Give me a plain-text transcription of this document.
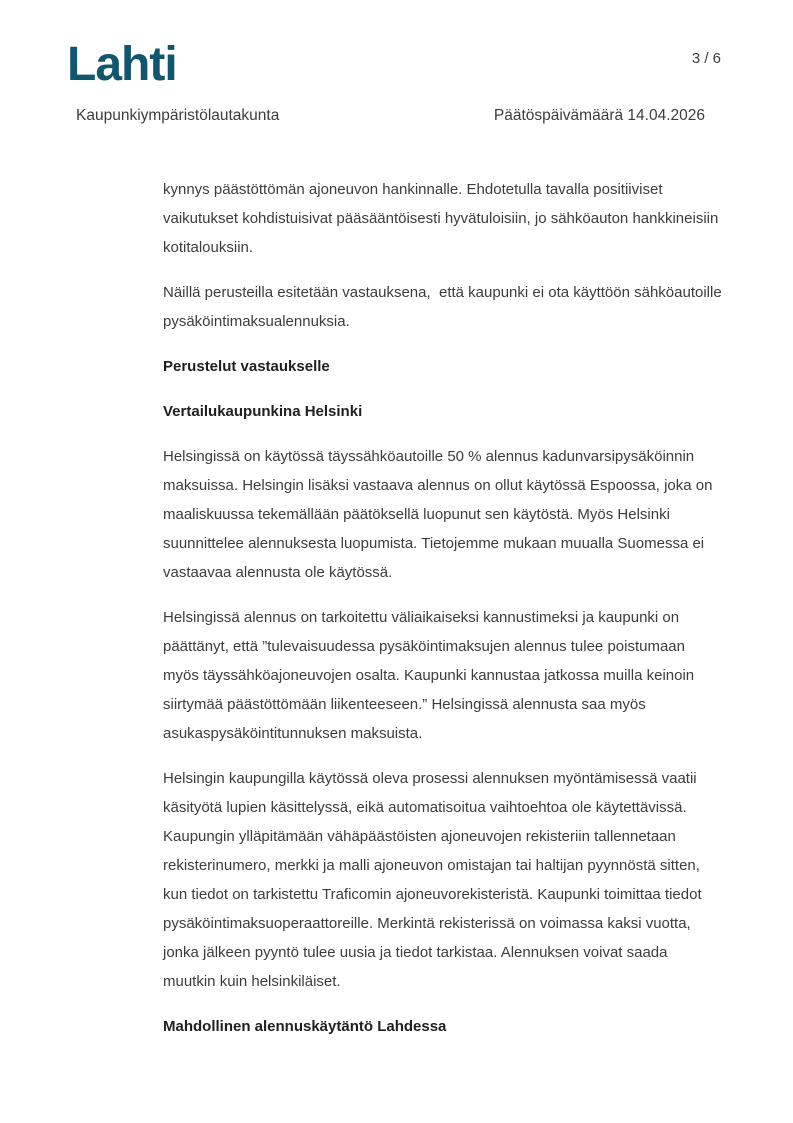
Lahti	3 / 6
Kaupunkiympäristölautakunta	Päätöspäivämäärä 14.04.2026
kynnys päästöttömän ajoneuvon hankinnalle. Ehdotetulla tavalla positiiviset
vaikutukset kohdistuisivat pääsääntöisesti hyvätuloisiin, jo sähköauton hankkineisiin
kotitalouksiin.
Näillä perusteilla esitetään vastauksena,  että kaupunki ei ota käyttöön sähköautoille
pysäköintimaksualennuksia.
Perustelut vastaukselle
Vertailukaupunkina Helsinki
Helsingissä on käytössä täyssähköautoille 50 % alennus kadunvarsipysäköinnin
maksuissa. Helsingin lisäksi vastaava alennus on ollut käytössä Espoossa, joka on
maaliskuussa tekemällään päätöksellä luopunut sen käytöstä. Myös Helsinki
suunnittelee alennuksesta luopumista. Tietojemme mukaan muualla Suomessa ei
vastaavaa alennusta ole käytössä.
Helsingissä alennus on tarkoitettu väliaikaiseksi kannustimeksi ja kaupunki on
päättänyt, että ”tulevaisuudessa pysäköintimaksujen alennus tulee poistumaan
myös täyssähköajoneuvojen osalta. Kaupunki kannustaa jatkossa muilla keinoin
siirtymää päästöttömään liikenteeseen.” Helsingissä alennusta saa myös
asukaspysäköintitunnuksen maksuista.
Helsingin kaupungilla käytössä oleva prosessi alennuksen myöntämisessä vaatii
käsityötä lupien käsittelyssä, eikä automatisoitua vaihtoehtoa ole käytettävissä.
Kaupungin ylläpitämään vähäpäästöisten ajoneuvojen rekisteriin tallennetaan
rekisterinumero, merkki ja malli ajoneuvon omistajan tai haltijan pyynnöstä sitten,
kun tiedot on tarkistettu Traficomin ajoneuvorekisteristä. Kaupunki toimittaa tiedot
pysäköintimaksuoperaattoreille. Merkintä rekisterissä on voimassa kaksi vuotta,
jonka jälkeen pyyntö tulee uusia ja tiedot tarkistaa. Alennuksen voivat saada
muutkin kuin helsinkiläiset.
Mahdollinen alennuskäytäntö Lahdessa
